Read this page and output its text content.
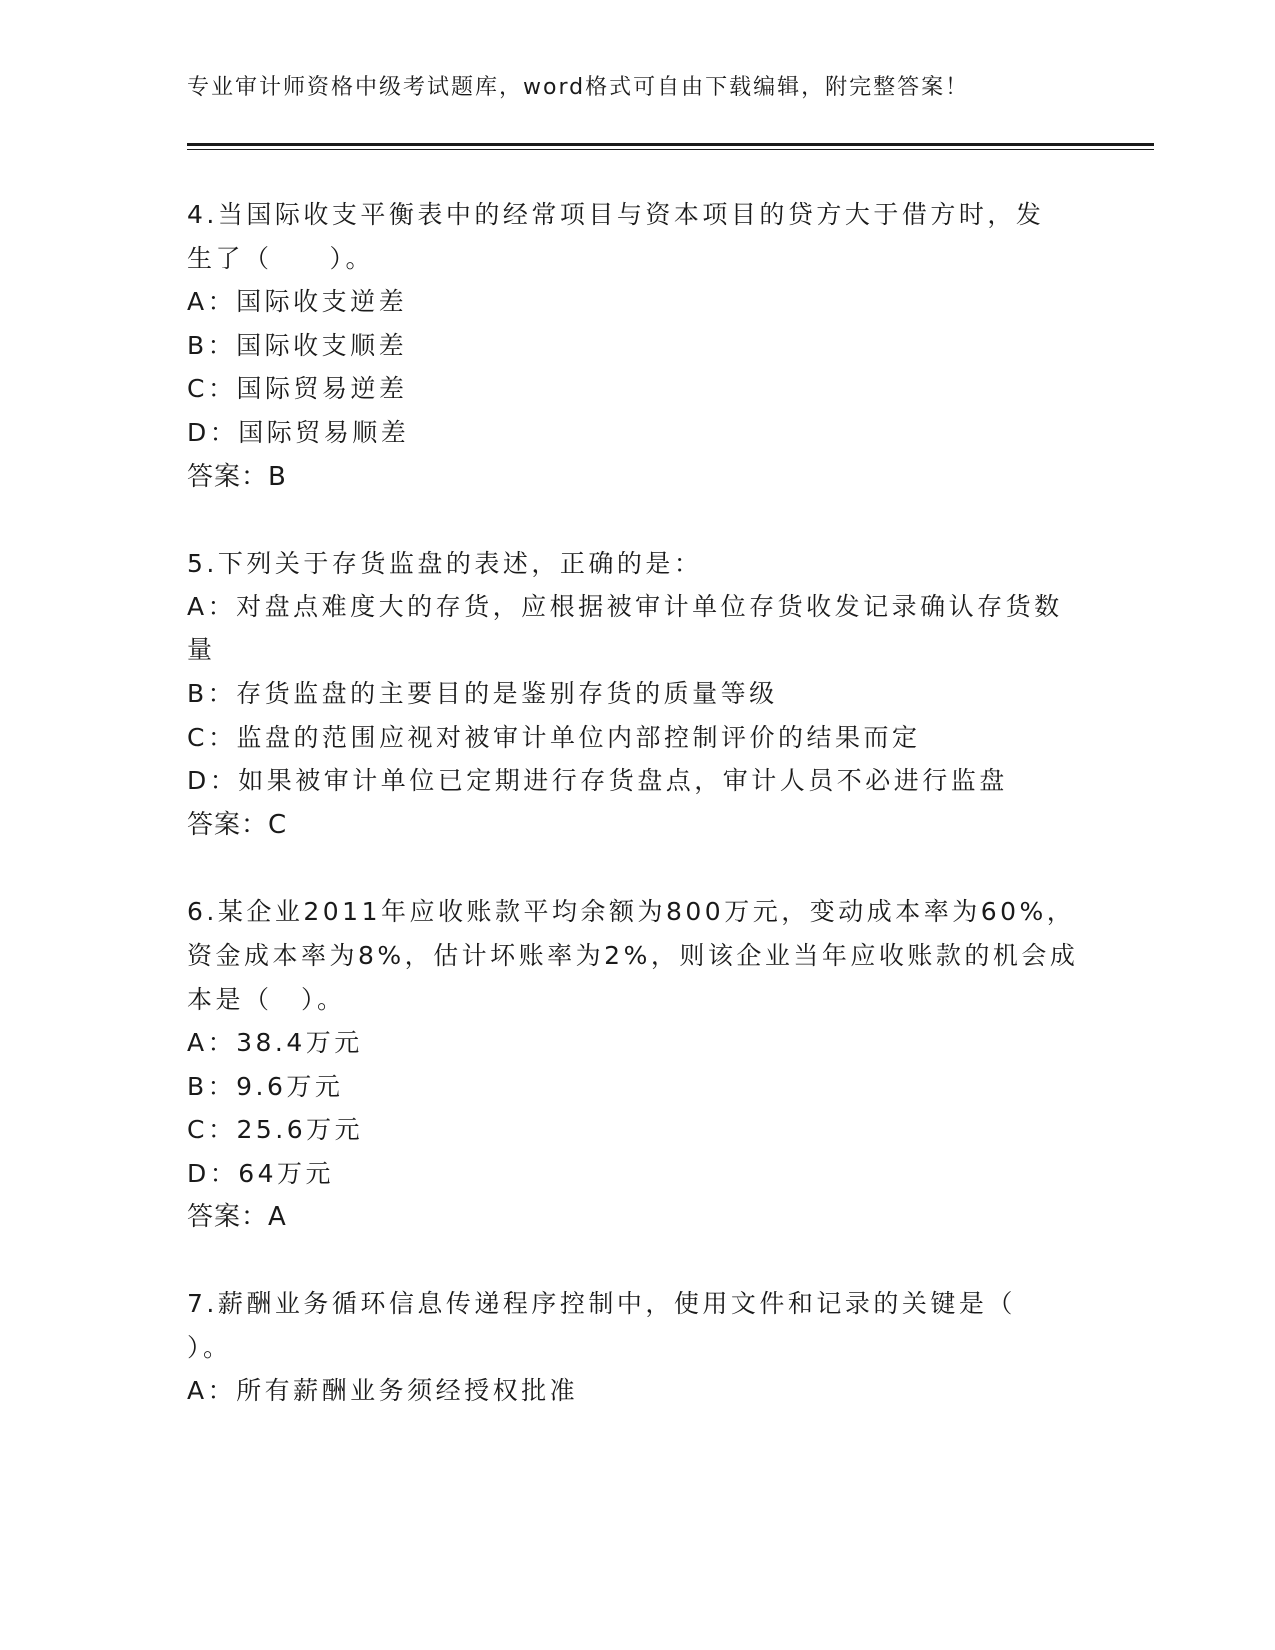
专业审计师资格中级考试题库，word格式可自由下载编辑，附完整答案！
4.当国际收支平衡表中的经常项目与资本项目的贷方大于借方时，发
生了（　　）。
A：国际收支逆差
B：国际收支顺差
C：国际贸易逆差
D：国际贸易顺差
答案：B
5.下列关于存货监盘的表述，正确的是：
A：对盘点难度大的存货，应根据被审计单位存货收发记录确认存货数
量
B：存货监盘的主要目的是鉴别存货的质量等级
C：监盘的范围应视对被审计单位内部控制评价的结果而定
D：如果被审计单位已定期进行存货盘点，审计人员不必进行监盘
答案：C
6.某企业2011年应收账款平均余额为800万元，变动成本率为60%，
资金成本率为8%，估计坏账率为2%，则该企业当年应收账款的机会成
本是（　）。
A：38.4万元
B：9.6万元
C：25.6万元
D：64万元
答案：A
7.薪酬业务循环信息传递程序控制中，使用文件和记录的关键是（
）。
A：所有薪酬业务须经授权批准
